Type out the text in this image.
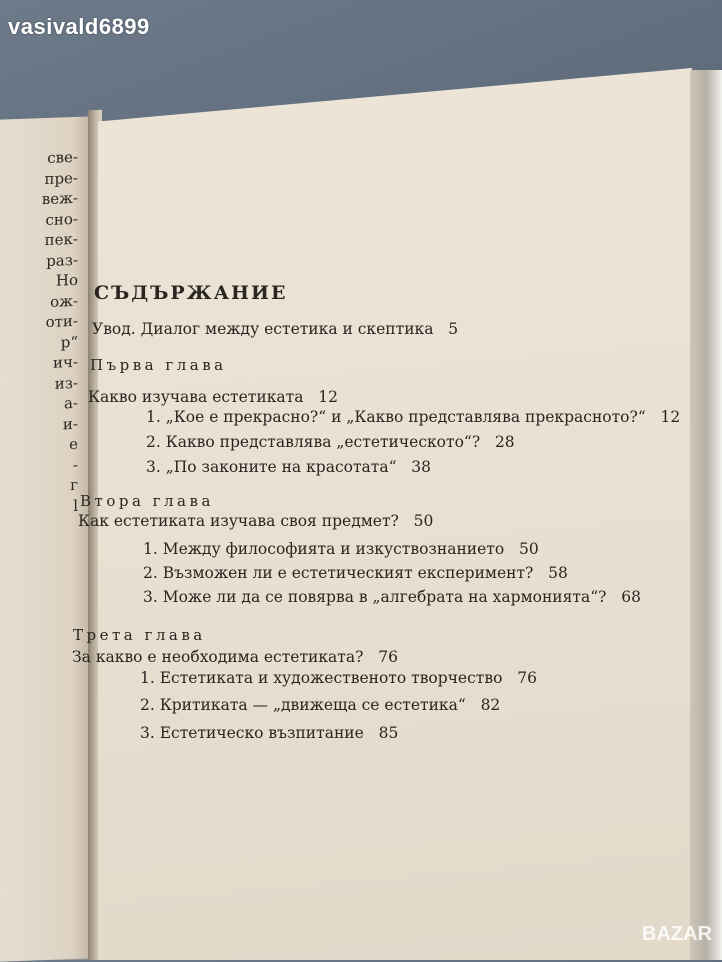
vasivald6899
све-
пре-
веж-
сно-
пек-
раз-
Но
ож-
оти-
р“
ич-
из-
а-
и-
е
-
г
l
СЪДЪРЖАНИЕ
Увод. Диалог между естетика и скептика 5
Първа глава
Какво изучава естетиката 12
1. „Кое е прекрасно?“ и „Какво представлява прекрасното?“ 12
2. Какво представлява „естетическото“? 28
3. „По законите на красотата“ 38
Втора глава
Как естетиката изучава своя предмет? 50
1. Между философията и изкуствознанието 50
2. Възможен ли е естетическият експеримент? 58
3. Може ли да се повярва в „алгебрата на хармонията“? 68
Трета глава
За какво е необходима естетиката? 76
1. Естетиката и художественото творчество 76
2. Критиката — „движеща се естетика“ 82
3. Естетическо възпитание 85
BAZAR
